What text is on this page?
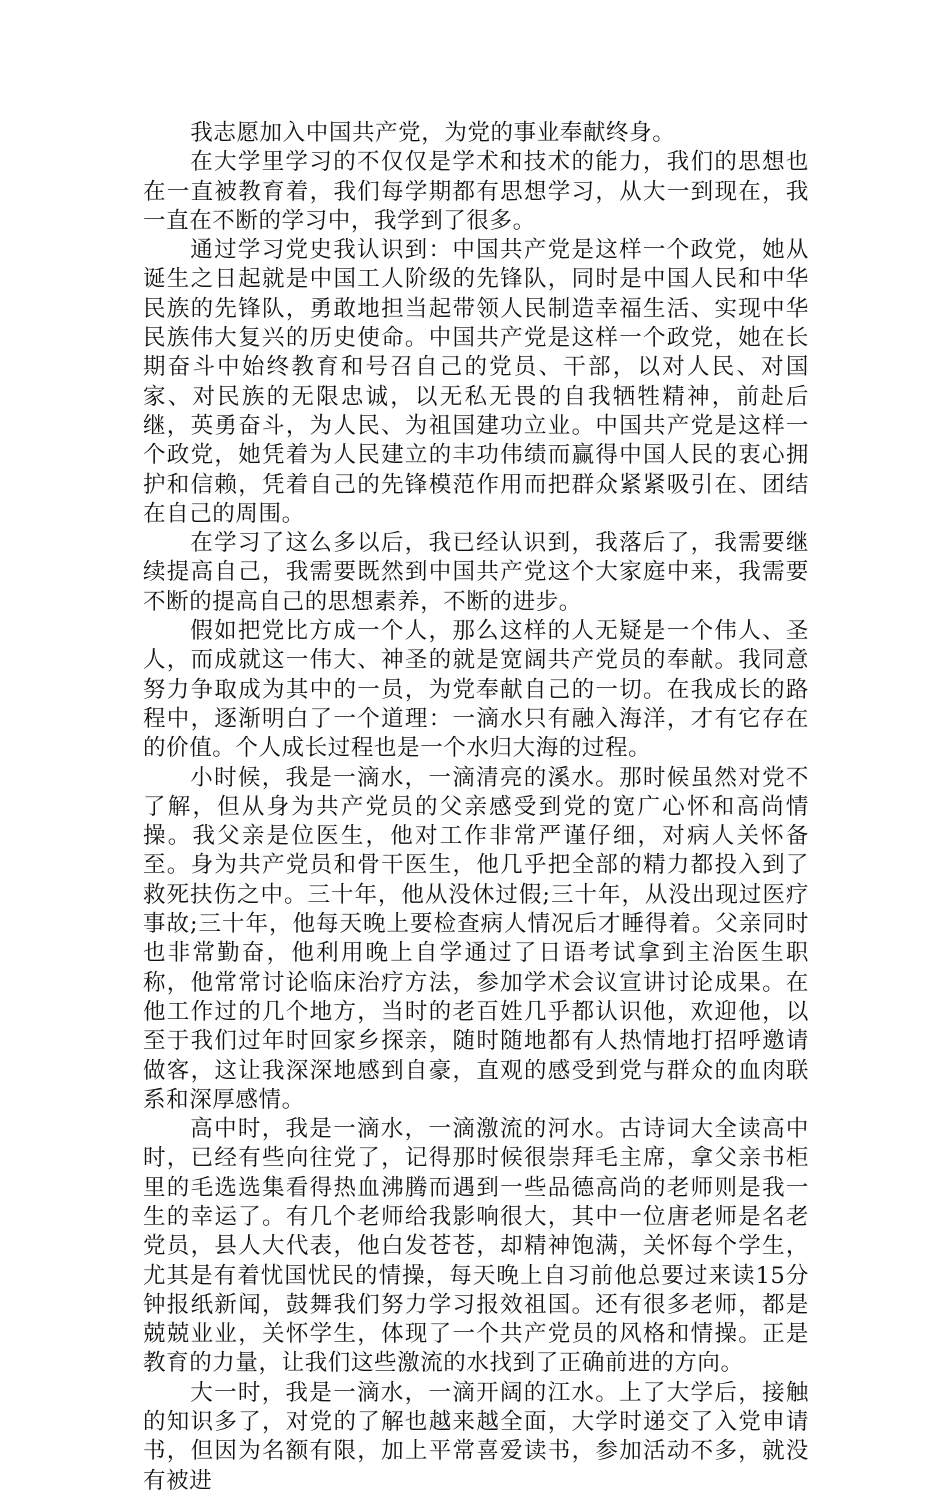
我志愿加入中国共产党，为党的事业奉献终身。

在大学里学习的不仅仅是学术和技术的能力，我们的思想也在一直被教育着，我们每学期都有思想学习，从大一到现在，我一直在不断的学习中，我学到了很多。

通过学习党史我认识到：中国共产党是这样一个政党，她从诞生之日起就是中国工人阶级的先锋队，同时是中国人民和中华民族的先锋队，勇敢地担当起带领人民制造幸福生活、实现中华民族伟大复兴的历史使命。中国共产党是这样一个政党，她在长期奋斗中始终教育和号召自己的党员、干部，以对人民、对国家、对民族的无限忠诚，以无私无畏的自我牺牲精神，前赴后继，英勇奋斗，为人民、为祖国建功立业。中国共产党是这样一个政党，她凭着为人民建立的丰功伟绩而赢得中国人民的衷心拥护和信赖，凭着自己的先锋模范作用而把群众紧紧吸引在、团结在自己的周围。

在学习了这么多以后，我已经认识到，我落后了，我需要继续提高自己，我需要既然到中国共产党这个大家庭中来，我需要不断的提高自己的思想素养，不断的进步。

假如把党比方成一个人，那么这样的人无疑是一个伟人、圣人，而成就这一伟大、神圣的就是宽阔共产党员的奉献。我同意努力争取成为其中的一员，为党奉献自己的一切。在我成长的路程中，逐渐明白了一个道理：一滴水只有融入海洋，才有它存在的价值。个人成长过程也是一个水归大海的过程。

小时候，我是一滴水，一滴清亮的溪水。那时候虽然对党不了解，但从身为共产党员的父亲感受到党的宽广心怀和高尚情操。我父亲是位医生，他对工作非常严谨仔细，对病人关怀备至。身为共产党员和骨干医生，他几乎把全部的精力都投入到了救死扶伤之中。三十年，他从没休过假;三十年，从没出现过医疗事故;三十年，他每天晚上要检查病人情况后才睡得着。父亲同时也非常勤奋，他利用晚上自学通过了日语考试拿到主治医生职称，他常常讨论临床治疗方法，参加学术会议宣讲讨论成果。在他工作过的几个地方，当时的老百姓几乎都认识他，欢迎他，以至于我们过年时回家乡探亲，随时随地都有人热情地打招呼邀请做客，这让我深深地感到自豪，直观的感受到党与群众的血肉联系和深厚感情。

高中时，我是一滴水，一滴激流的河水。古诗词大全读高中时，已经有些向往党了，记得那时候很崇拜毛主席，拿父亲书柜里的毛选选集看得热血沸腾而遇到一些品德高尚的老师则是我一生的幸运了。有几个老师给我影响很大，其中一位唐老师是名老党员，县人大代表，他白发苍苍，却精神饱满，关怀每个学生，尤其是有着忧国忧民的情操，每天晚上自习前他总要过来读15分钟报纸新闻，鼓舞我们努力学习报效祖国。还有很多老师，都是兢兢业业，关怀学生，体现了一个共产党员的风格和情操。正是教育的力量，让我们这些激流的水找到了正确前进的方向。

大一时，我是一滴水，一滴开阔的江水。上了大学后，接触的知识多了，对党的了解也越来越全面，大学时递交了入党申请书，但因为名额有限，加上平常喜爱读书，参加活动不多，就没有被进
